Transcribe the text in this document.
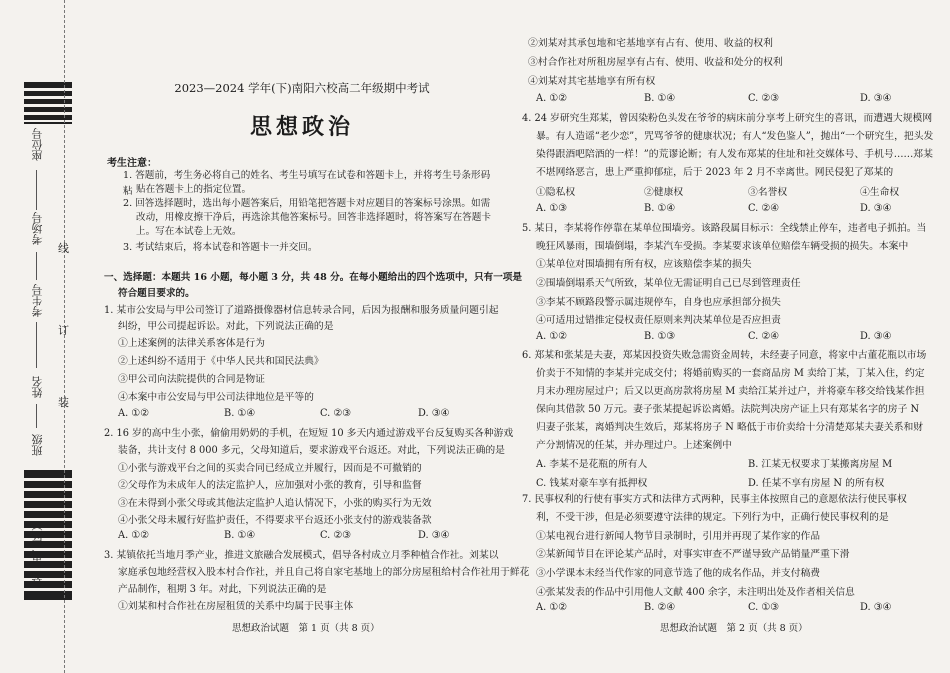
座位号
考场号
考生号
姓名
班级
县（市、区）
线
订
装
2023—2024 学年(下)南阳六校高二年级期中考试
思想政治
考生注意：
1. 答题前，考生务必将自己的姓名、考生号填写在试卷和答题卡上，并将考生号条形码粘 贴在答题卡上的指定位置。
2. 回答选择题时，选出每小题答案后，用铅笔把答题卡对应题目的答案标号涂黑。如需
改动，用橡皮擦干净后，再选涂其他答案标号。回答非选择题时，将答案写在答题卡
上。写在本试卷上无效。
3. 考试结束后，将本试卷和答题卡一并交回。
一、选择题：本题共 16 小题，每小题 3 分，共 48 分。在每小题给出的四个选项中，只有一项是
符合题目要求的。
1. 某市公安局与甲公司签订了道路摄像器材信息转录合同，后因为报酬和服务质量问题引起
纠纷，甲公司提起诉讼。对此，下列说法正确的是
①上述案例的法律关系客体是行为
②上述纠纷不适用于《中华人民共和国民法典》
③甲公司向法院提供的合同是物证
④本案中市公安局与甲公司法律地位是平等的
A. ①②	B. ①④	C. ②③	D. ③④
2. 16 岁的高中生小张，偷偷用奶奶的手机，在短短 10 多天内通过游戏平台反复购买各种游戏
装备，共计支付 8 000 多元，父母知道后，要求游戏平台返还。对此，下列说法正确的是
①小张与游戏平台之间的买卖合同已经成立并履行，因而是不可撤销的
②父母作为未成年人的法定监护人，应加强对小张的教育，引导和监督
③在未得到小张父母或其他法定监护人追认情况下，小张的购买行为无效
④小张父母未履行好监护责任，不得要求平台返还小张支付的游戏装备款
A. ①②	B. ①④	C. ②③	D. ③④
3. 某镇依托当地月季产业，推进文旅融合发展模式，倡导各村成立月季种植合作社。刘某以
家庭承包地经营权入股本村合作社，并且自己将自家宅基地上的部分房屋租给村合作社用于鲜花
产品制作，租期 3 年。对此，下列说法正确的是
①刘某和村合作社在房屋租赁的关系中均属于民事主体
思想政治试题　第 1 页（共 8 页）
②刘某对其承包地和宅基地享有占有、使用、收益的权利
③村合作社对所租房屋享有占有、使用、收益和处分的权利
④刘某对其宅基地享有所有权
A. ①②	B. ①④	C. ②③	D. ③④
4. 24 岁研究生郑某，曾因染粉色头发在爷爷的病床前分享考上研究生的喜讯，而遭遇大规模网
暴。有人造谣“老少恋”，咒骂爷爷的健康状况；有人“发色鉴人”，抛出“一个研究生，把头发
染得跟酒吧陪酒的一样！”的荒谬论断；有人发布郑某的住址和社交媒体号、手机号……郑某
不堪网络恶言，患上严重抑郁症，后于 2023 年 2 月不幸离世。网民侵犯了郑某的
①隐私权	②健康权	③名誉权	④生命权
A. ①③	B. ①④	C. ②④	D. ③④
5. 某日，李某将作停靠在某单位围墙旁。该路段属目标示：全线禁止停车，违者电子抓拍。当
晚狂风暴雨，围墙倒塌，李某汽车受损。李某要求该单位赔偿车辆受损的损失。本案中
①某单位对围墙拥有所有权，应该赔偿李某的损失
②围墙倒塌系天气所致，某单位无需证明自己已尽到管理责任
③李某不顾路段警示属违规停车，自身也应承担部分损失
④可适用过错推定侵权责任原则来判决某单位是否应担责
A. ①②	B. ①③	C. ②④	D. ③④
6. 郑某和张某是夫妻，郑某因投资失败急需资金周转，未经妻子同意，将家中古董花瓶以市场
价卖于不知情的李某并完成交付；将婚前购买的一套商品房 M 卖给丁某，丁某入住，约定
月末办理房屋过户；后又以更高房款将房屋 M 卖给江某并过户，并将豪车移交给钱某作担
保向其借款 50 万元。妻子张某提起诉讼离婚。法院判决房产证上只有郑某名字的房子 N
归妻子张某，离婚判决生效后，郑某将房子 N 略低于市价卖给十分清楚郑某夫妻关系和财
产分割情况的任某，并办理过户。上述案例中
A. 李某不是花瓶的所有人	B. 江某无权要求丁某搬离房屋 M
C. 钱某对豪车享有抵押权	D. 任某不享有房屋 N 的所有权
7. 民事权利的行使有事实方式和法律方式两种，民事主体按照自己的意愿依法行使民事权
利，不受干涉，但是必须要遵守法律的规定。下列行为中，正确行使民事权利的是
①某电视台进行新闻人物节目录制时，引用并再现了某作家的作品
②某新闻节目在评论某产品时，对事实审查不严谨导致产品销量严重下滑
③小学课本未经当代作家的同意节选了他的成名作品，并支付稿费
④张某发表的作品中引用他人文献 400 余字，未注明出处及作者相关信息
A. ①②	B. ②④	C. ①③	D. ③④
思想政治试题　第 2 页（共 8 页）
